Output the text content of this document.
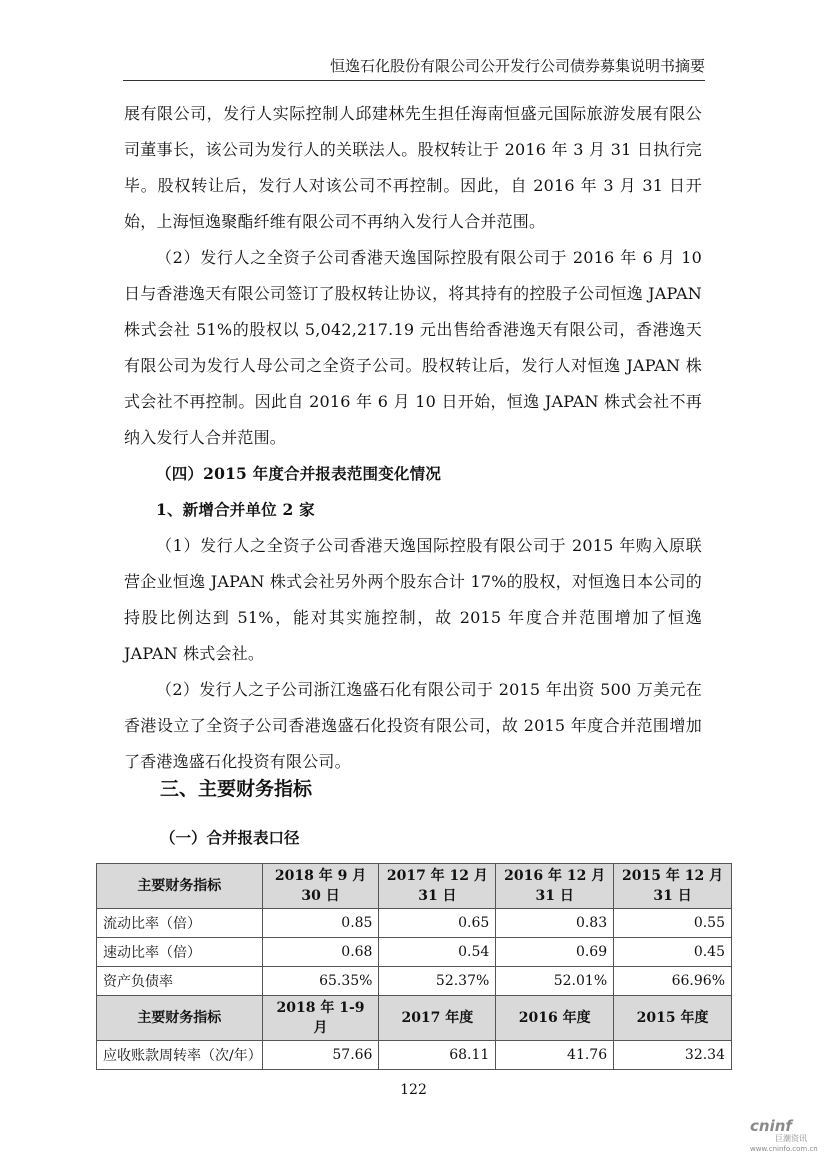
恒逸石化股份有限公司公开发行公司债券募集说明书摘要

展有限公司，发行人实际控制人邱建林先生担任海南恒盛元国际旅游发展有限公司董事长，该公司为发行人的关联法人。股权转让于 2016 年 3 月 31 日执行完毕。股权转让后，发行人对该公司不再控制。因此，自 2016 年 3 月 31 日开始，上海恒逸聚酯纤维有限公司不再纳入发行人合并范围。

（2）发行人之全资子公司香港天逸国际控股有限公司于 2016 年 6 月 10 日与香港逸天有限公司签订了股权转让协议，将其持有的控股子公司恒逸 JAPAN 株式会社 51%的股权以 5,042,217.19 元出售给香港逸天有限公司，香港逸天有限公司为发行人母公司之全资子公司。股权转让后，发行人对恒逸 JAPAN 株式会社不再控制。因此自 2016 年 6 月 10 日开始，恒逸 JAPAN 株式会社不再纳入发行人合并范围。

（四）2015 年度合并报表范围变化情况

1、新增合并单位 2 家

（1）发行人之全资子公司香港天逸国际控股有限公司于 2015 年购入原联营企业恒逸 JAPAN 株式会社另外两个股东合计 17%的股权，对恒逸日本公司的持股比例达到 51%，能对其实施控制，故 2015 年度合并范围增加了恒逸 JAPAN 株式会社。

（2）发行人之子公司浙江逸盛石化有限公司于 2015 年出资 500 万美元在香港设立了全资子公司香港逸盛石化投资有限公司，故 2015 年度合并范围增加了香港逸盛石化投资有限公司。

三、主要财务指标
（一）合并报表口径
主要财务指标	2018 年 9 月 30 日	2017 年 12 月 31 日	2016 年 12 月 31 日	2015 年 12 月 31 日
流动比率（倍）	0.85	0.65	0.83	0.55
速动比率（倍）	0.68	0.54	0.69	0.45
资产负债率	65.35%	52.37%	52.01%	66.96%
主要财务指标	2018 年 1-9 月	2017 年度	2016 年度	2015 年度
应收账款周转率（次/年）	57.66	68.11	41.76	32.34
122
cninf
巨潮资讯
www.cninfo.com.cn
